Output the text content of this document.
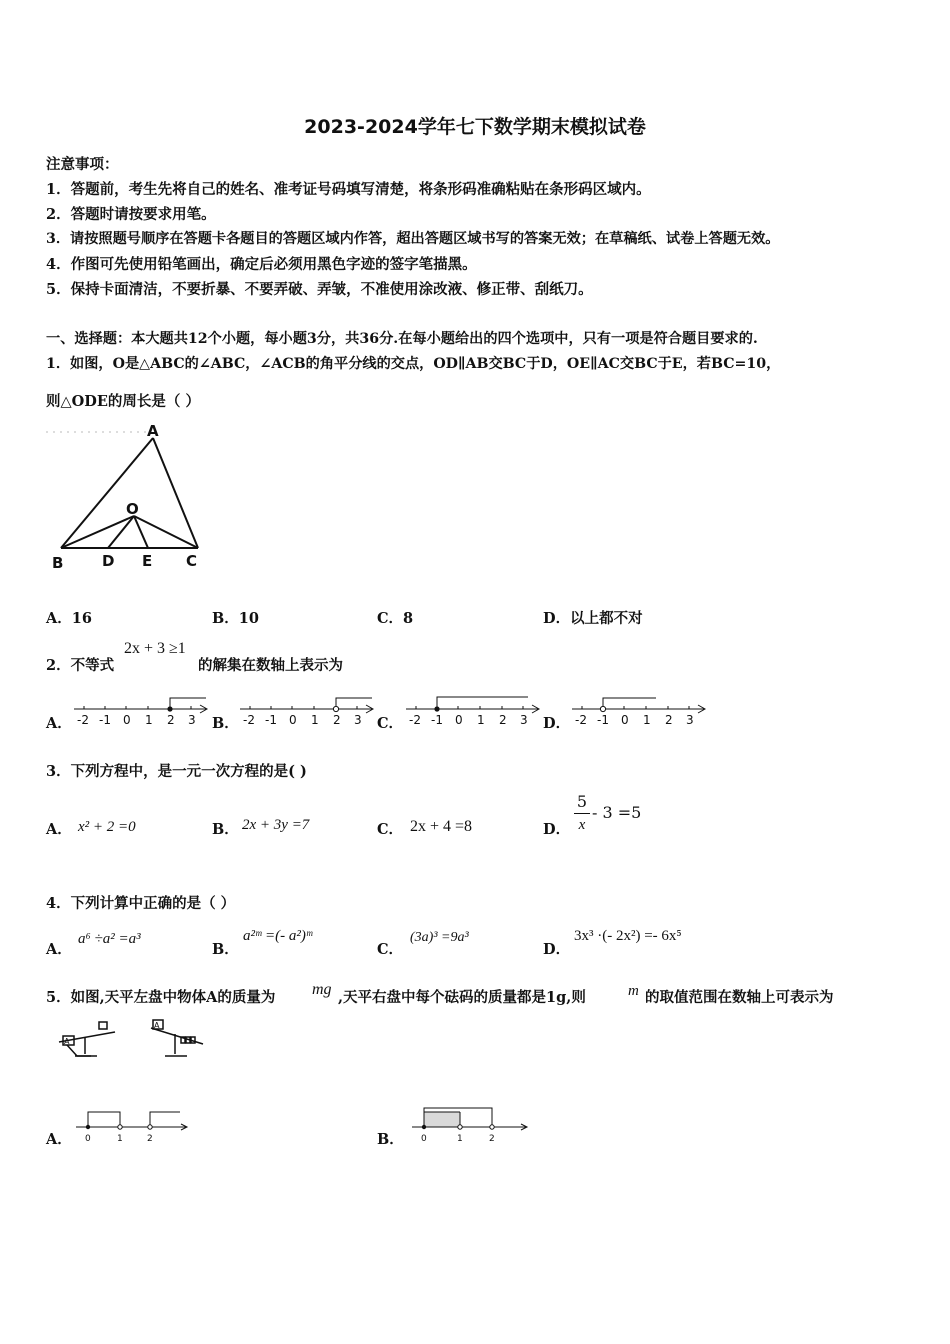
2023-2024学年七下数学期末模拟试卷
注意事项：
1．答题前，考生先将自己的姓名、准考证号码填写清楚，将条形码准确粘贴在条形码区域内。
2．答题时请按要求用笔。
3．请按照题号顺序在答题卡各题目的答题区域内作答，超出答题区域书写的答案无效；在草稿纸、试卷上答题无效。
4．作图可先使用铅笔画出，确定后必须用黑色字迹的签字笔描黑。
5．保持卡面清洁，不要折暴、不要弄破、弄皱，不准使用涂改液、修正带、刮纸刀。
一、选择题：本大题共12个小题，每小题3分，共36分.在每小题给出的四个选项中，只有一项是符合题目要求的.
1．如图，O是△ABC的∠ABC，∠ACB的角平分线的交点，OD∥AB交BC于D，OE∥AC交BC于E，若BC=10，
则△ODE的周长是（ ）
A
O
B	D E C
A．16	B．10	C．8	D．以上都不对
2．不等式
2x + 3 ≥1
的解集在数轴上表示为
A．	B．	C．	D．
-2 -1 0 1 2 3	-2 -1 0 1 2 3	-2 -1 0 1 2 3	-2 -1 0 1 2 3
3．下列方程中，是一元一次方程的是( )
A． x² + 2 =0	B． 2x + 3y =7	C． 2x + 4 =8	D．
5
x
- 3 =5
4．下列计算中正确的是（ ）
A．
a⁶ ÷a² =a³
B．
a²ᵐ =(- a²)ᵐ
C．
(3a)³ =9a³
D．
3x³ ·(- 2x²) =- 6x⁵
5．如图,天平左盘中物体A的质量为 mg ,天平右盘中每个砝码的质量都是1g,则	m 的取值范围在数轴上可表示为
A
A
A． 0	1	2	B． 0	1	2
